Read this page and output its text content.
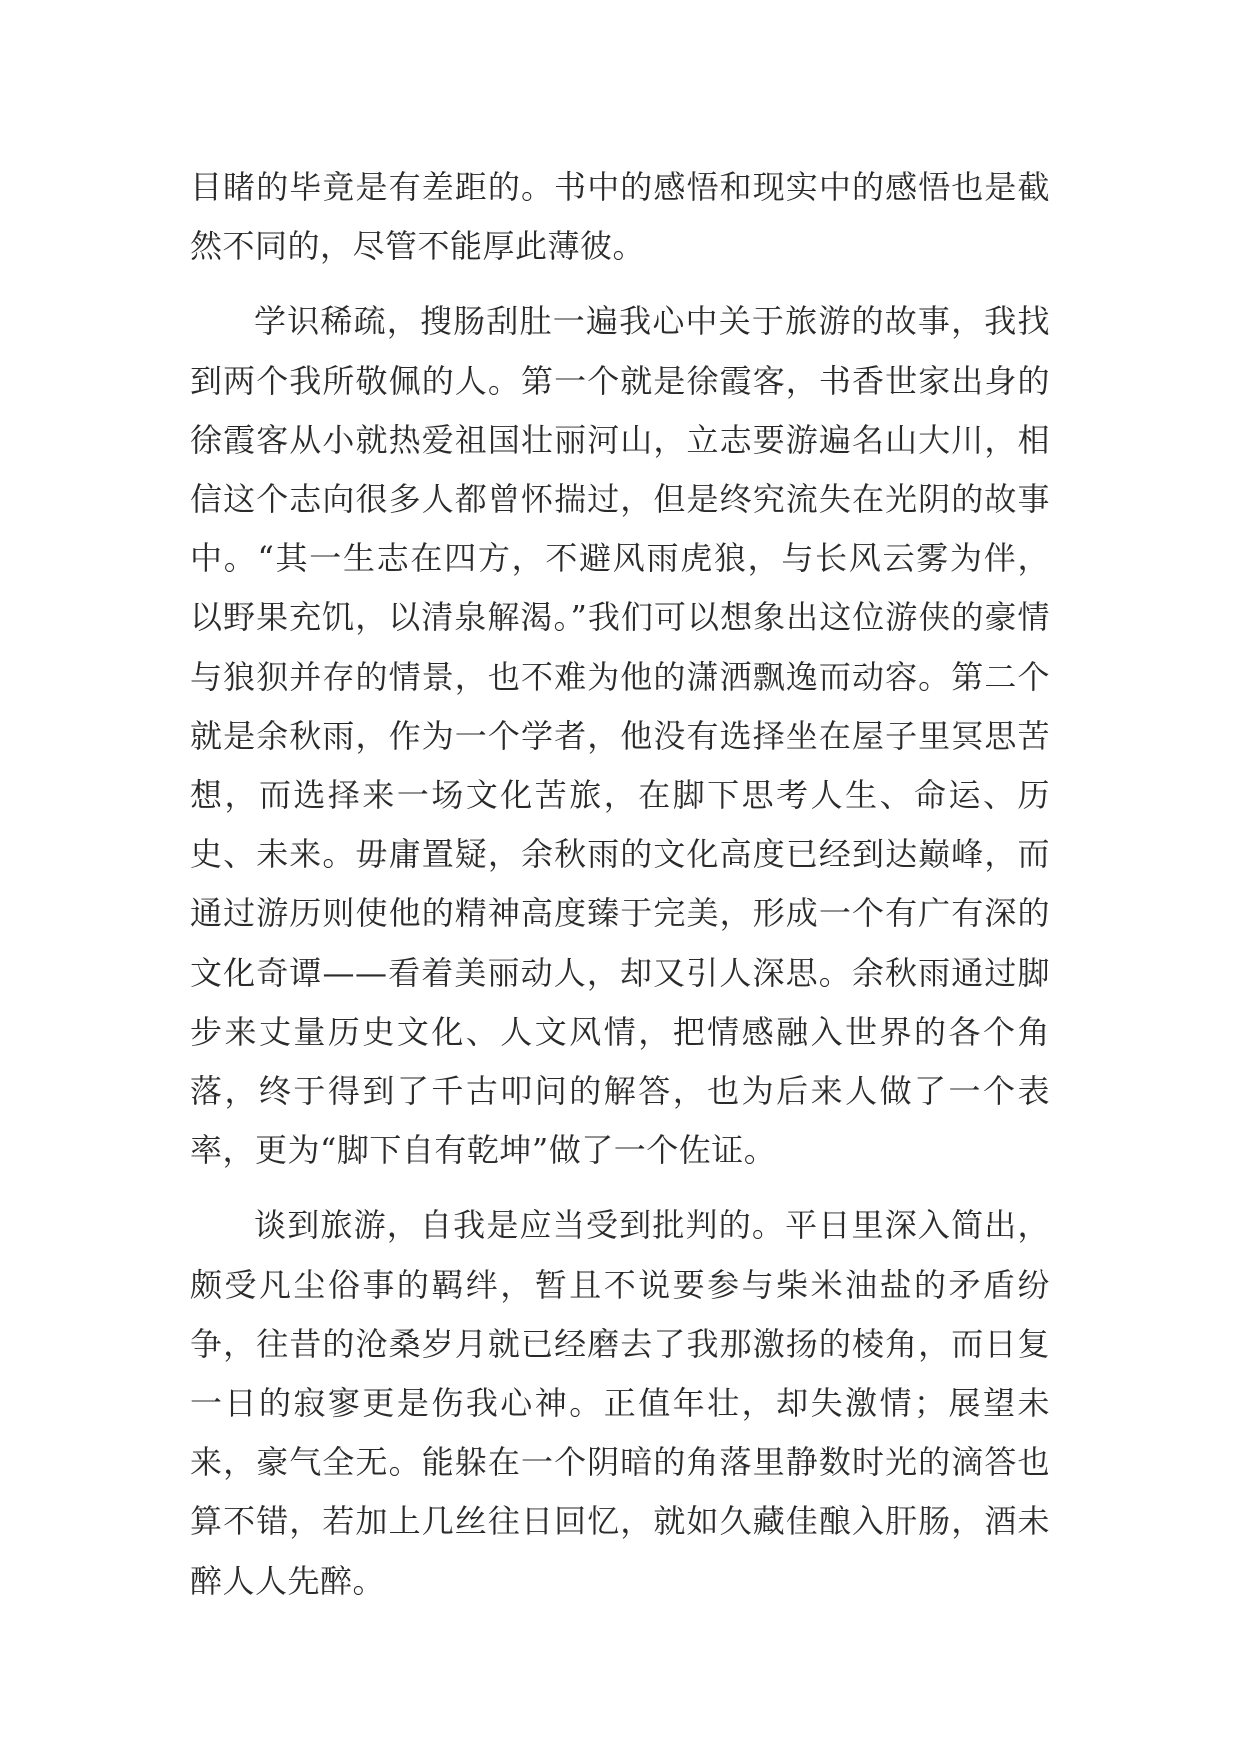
目睹的毕竟是有差距的。书中的感悟和现实中的感悟也是截然不同的，尽管不能厚此薄彼。

学识稀疏，搜肠刮肚一遍我心中关于旅游的故事，我找到两个我所敬佩的人。第一个就是徐霞客，书香世家出身的徐霞客从小就热爱祖国壮丽河山，立志要游遍名山大川，相信这个志向很多人都曾怀揣过，但是终究流失在光阴的故事中。“其一生志在四方，不避风雨虎狼，与长风云雾为伴，以野果充饥，以清泉解渴。”我们可以想象出这位游侠的豪情与狼狈并存的情景，也不难为他的潇洒飘逸而动容。第二个就是余秋雨，作为一个学者，他没有选择坐在屋子里冥思苦想，而选择来一场文化苦旅，在脚下思考人生、命运、历史、未来。毋庸置疑，余秋雨的文化高度已经到达巅峰，而通过游历则使他的精神高度臻于完美，形成一个有广有深的文化奇谭——看着美丽动人，却又引人深思。余秋雨通过脚步来丈量历史文化、人文风情，把情感融入世界的各个角落，终于得到了千古叩问的解答，也为后来人做了一个表率，更为“脚下自有乾坤”做了一个佐证。

谈到旅游，自我是应当受到批判的。平日里深入简出，颇受凡尘俗事的羁绊，暂且不说要参与柴米油盐的矛盾纷争，往昔的沧桑岁月就已经磨去了我那激扬的棱角，而日复一日的寂寥更是伤我心神。正值年壮，却失激情；展望未来，豪气全无。能躲在一个阴暗的角落里静数时光的滴答也算不错，若加上几丝往日回忆，就如久藏佳酿入肝肠，酒未醉人人先醉。
